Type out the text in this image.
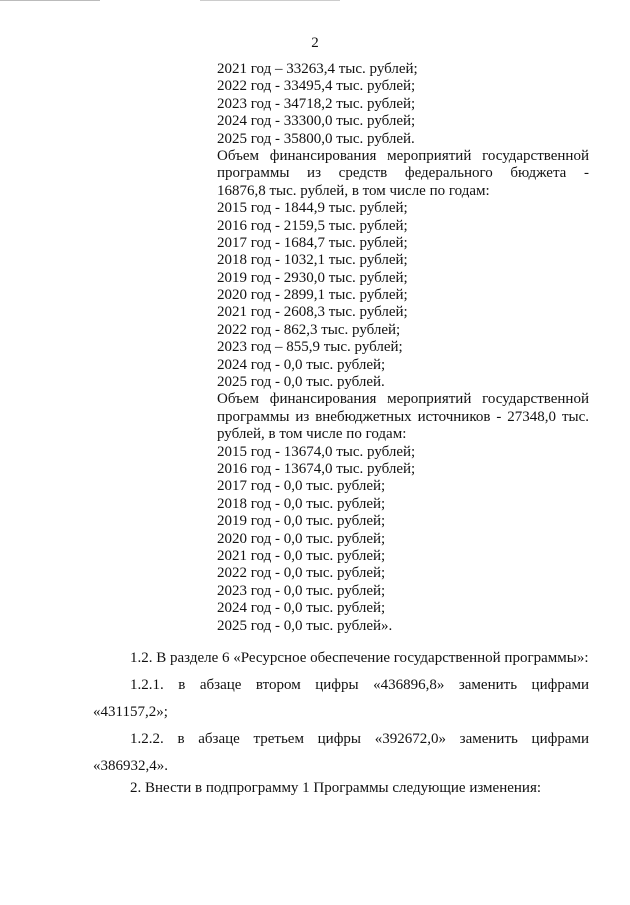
2
2021 год – 33263,4 тыс. рублей;
2022 год - 33495,4 тыс. рублей;
2023 год - 34718,2 тыс. рублей;
2024 год - 33300,0 тыс. рублей;
2025 год - 35800,0 тыс. рублей.
Объем финансирования мероприятий государственной
программы из средств федерального бюджета -
16876,8 тыс. рублей, в том числе по годам:
2015 год - 1844,9 тыс. рублей;
2016 год - 2159,5 тыс. рублей;
2017 год - 1684,7 тыс. рублей;
2018 год - 1032,1 тыс. рублей;
2019 год - 2930,0 тыс. рублей;
2020 год - 2899,1 тыс. рублей;
2021 год - 2608,3 тыс. рублей;
2022 год - 862,3 тыс. рублей;
2023 год – 855,9 тыс. рублей;
2024 год - 0,0 тыс. рублей;
2025 год - 0,0 тыс. рублей.
Объем финансирования мероприятий государственной
программы из внебюджетных источников - 27348,0 тыс.
рублей, в том числе по годам:
2015 год - 13674,0 тыс. рублей;
2016 год - 13674,0 тыс. рублей;
2017 год - 0,0 тыс. рублей;
2018 год - 0,0 тыс. рублей;
2019 год - 0,0 тыс. рублей;
2020 год - 0,0 тыс. рублей;
2021 год - 0,0 тыс. рублей;
2022 год - 0,0 тыс. рублей;
2023 год - 0,0 тыс. рублей;
2024 год - 0,0 тыс. рублей;
2025 год - 0,0 тыс. рублей».
1.2. В разделе 6 «Ресурсное обеспечение государственной программы»:
1.2.1. в абзаце втором цифры «436896,8» заменить цифрами
«431157,2»;
1.2.2. в абзаце третьем цифры «392672,0» заменить цифрами
«386932,4».
2. Внести в подпрограмму 1 Программы следующие изменения:
